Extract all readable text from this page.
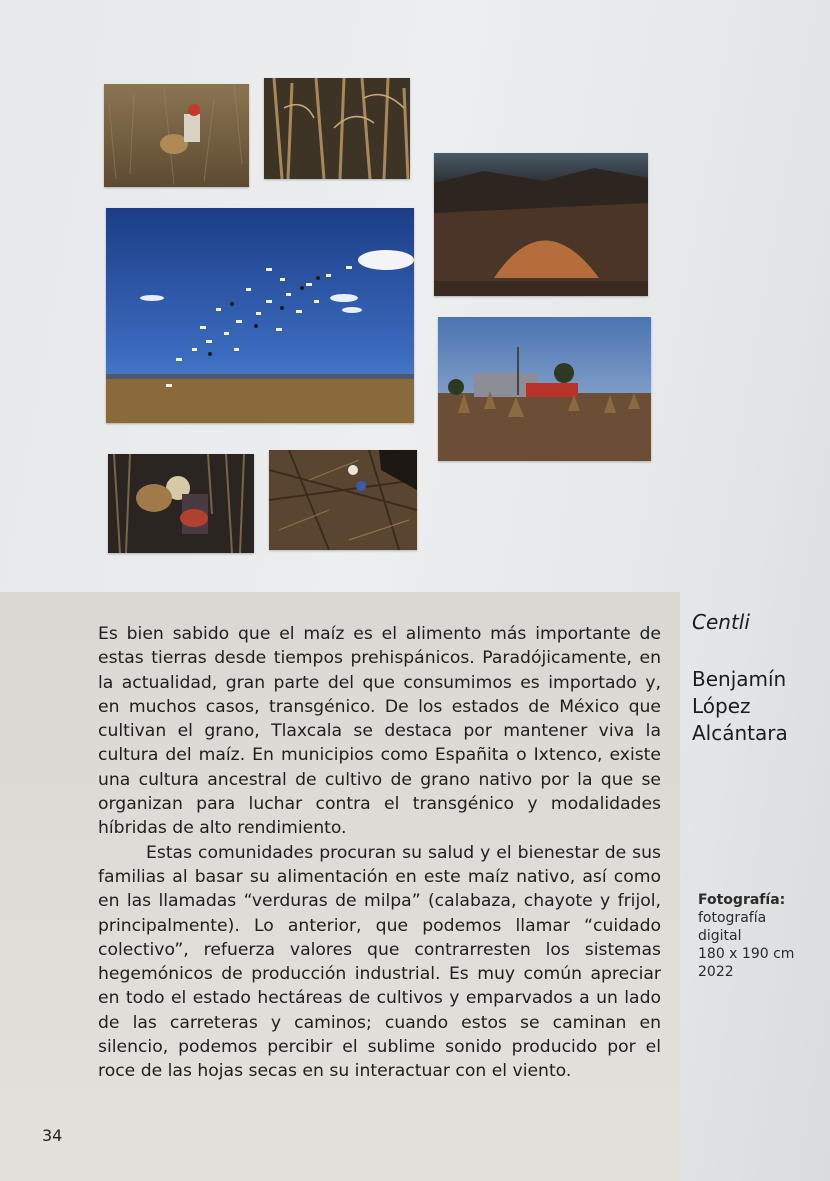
Es bien sabido que el maíz es el alimento más importante de estas tierras desde tiempos prehispánicos. Paradójicamente, en la actualidad, gran parte del que consumimos es importado y, en muchos casos, transgénico. De los estados de México que cultivan el grano, Tlaxcala se destaca por mantener viva la cultura del maíz. En municipios como Españita o Ixtenco, existe una cultura ancestral de cultivo de grano nativo por la que se organizan para luchar contra el transgénico y modalidades híbridas de alto rendimiento.

Estas comunidades procuran su salud y el bienestar de sus familias al basar su alimentación en este maíz nativo, así como en las llamadas “verduras de milpa” (calabaza, chayote y frijol, principalmente). Lo anterior, que podemos llamar “cuidado colectivo”, refuerza valores que contrarresten los sistemas hegemónicos de producción industrial. Es muy común apreciar en todo el estado hectáreas de cultivos y emparvados a un lado de las carreteras y caminos; cuando estos se caminan en silencio, podemos percibir el sublime sonido producido por el roce de las hojas secas en su interactuar con el viento.

Centli
Benjamín
López
Alcántara
Fotografía:
fotografía
digital
180 x 190 cm
2022
34
